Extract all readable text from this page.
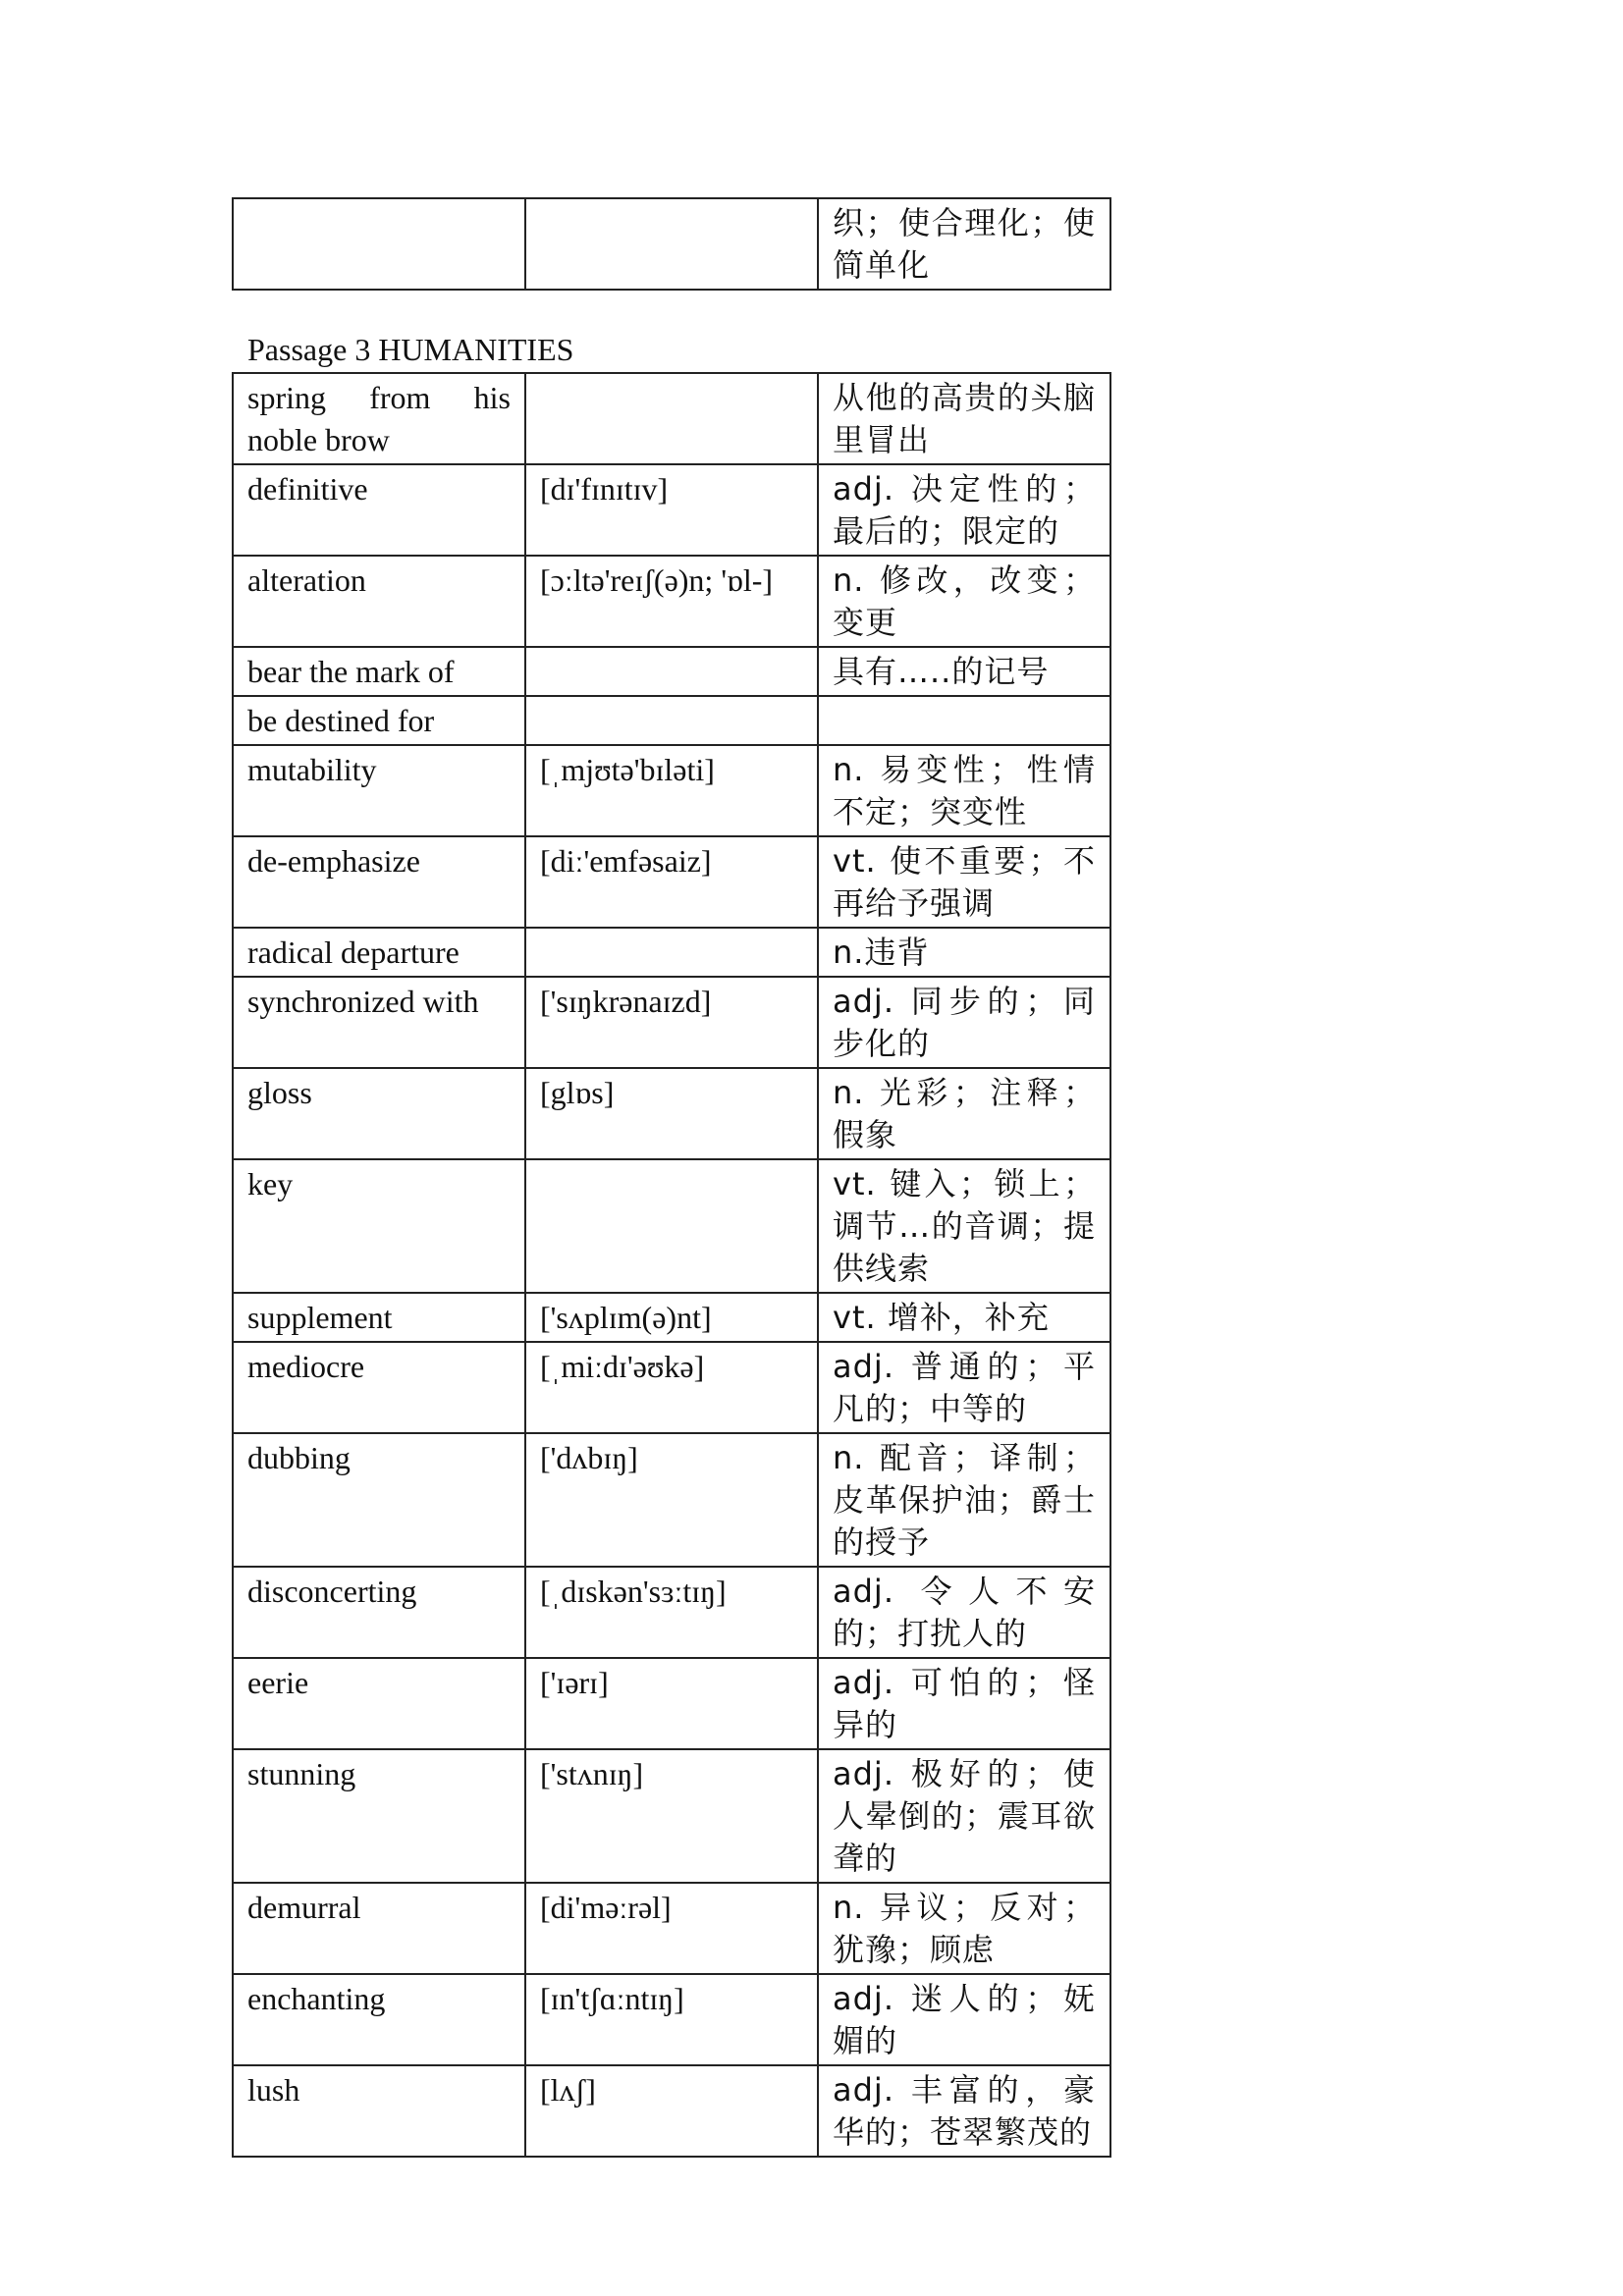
		织；使合理化；使简单化
Passage 3 HUMANITIES
spring from his noble brow		从他的高贵的头脑里冒出
definitive	[dɪ'fɪnɪtɪv]	adj. 决定性的；最后的；限定的
alteration	[ɔːltə'reɪʃ(ə)n; 'ɒl-]	n. 修改，改变；变更
bear the mark of		具有…..的记号
be destined for		
mutability	[ˌmjʊtə'bɪləti]	n. 易变性；性情不定；突变性
de-emphasize	[diː'emfəsaiz]	vt. 使不重要；不再给予强调
radical departure		n.违背
synchronized with	['sɪŋkrənaɪzd]	adj. 同步的；同步化的
gloss	[glɒs]	n. 光彩；注释；假象
key		vt. 键入；锁上；调节…的音调；提供线索
supplement	['sʌplɪm(ə)nt]	vt. 增补，补充
mediocre	[ˌmiːdɪ'əʊkə]	adj. 普通的；平凡的；中等的
dubbing	['dʌbɪŋ]	n. 配音；译制；皮革保护油；爵士的授予
disconcerting	[ˌdɪskən'sɜːtɪŋ]	adj. 令人不安的；打扰人的
eerie	['ɪərɪ]	adj. 可怕的；怪异的
stunning	['stʌnɪŋ]	adj. 极好的；使人晕倒的；震耳欲聋的
demurral	[di'məːrəl]	n. 异议；反对；犹豫；顾虑
enchanting	[ɪn'tʃɑːntɪŋ]	adj. 迷人的；妩媚的
lush	[lʌʃ]	adj. 丰富的，豪华的；苍翠繁茂的
